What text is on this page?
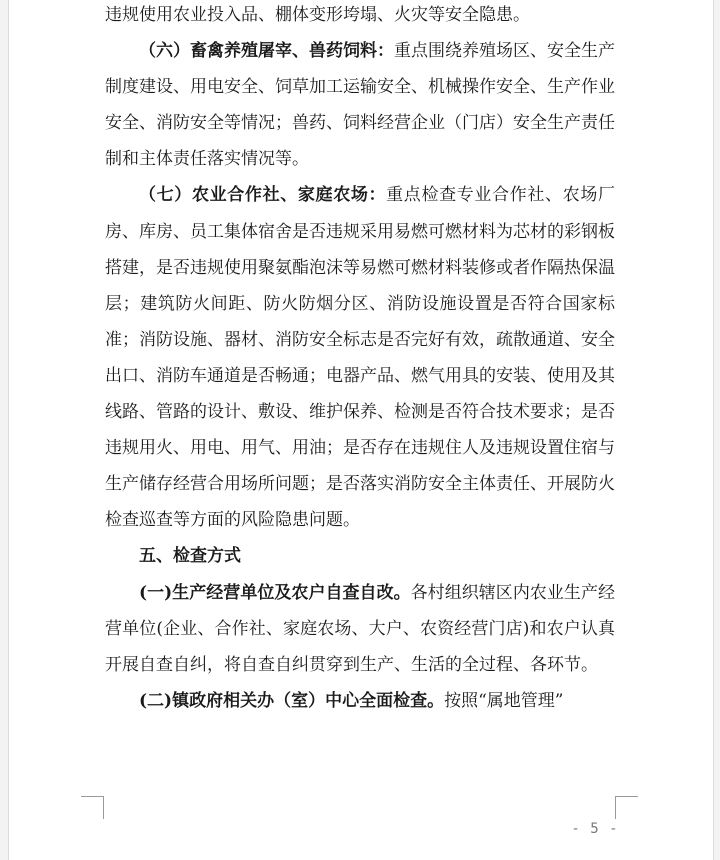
违规使用农业投入品、棚体变形垮塌、火灾等安全隐患。

（六）畜禽养殖屠宰、兽药饲料：重点围绕养殖场区、安全生产制度建设、用电安全、饲草加工运输安全、机械操作安全、生产作业安全、消防安全等情况；兽药、饲料经营企业（门店）安全生产责任制和主体责任落实情况等。

（七）农业合作社、家庭农场：重点检查专业合作社、农场厂房、库房、员工集体宿舍是否违规采用易燃可燃材料为芯材的彩钢板搭建，是否违规使用聚氨酯泡沫等易燃可燃材料装修或者作隔热保温层；建筑防火间距、防火防烟分区、消防设施设置是否符合国家标准；消防设施、器材、消防安全标志是否完好有效，疏散通道、安全出口、消防车通道是否畅通；电器产品、燃气用具的安装、使用及其线路、管路的设计、敷设、维护保养、检测是否符合技术要求；是否违规用火、用电、用气、用油；是否存在违规住人及违规设置住宿与生产储存经营合用场所问题；是否落实消防安全主体责任、开展防火检查巡查等方面的风险隐患问题。

五、检查方式

(一)生产经营单位及农户自查自改。各村组织辖区内农业生产经营单位(企业、合作社、家庭农场、大户、农资经营门店)和农户认真开展自查自纠，将自查自纠贯穿到生产、生活的全过程、各环节。

(二)镇政府相关办（室）中心全面检查。按照“属地管理”

- 5 -
